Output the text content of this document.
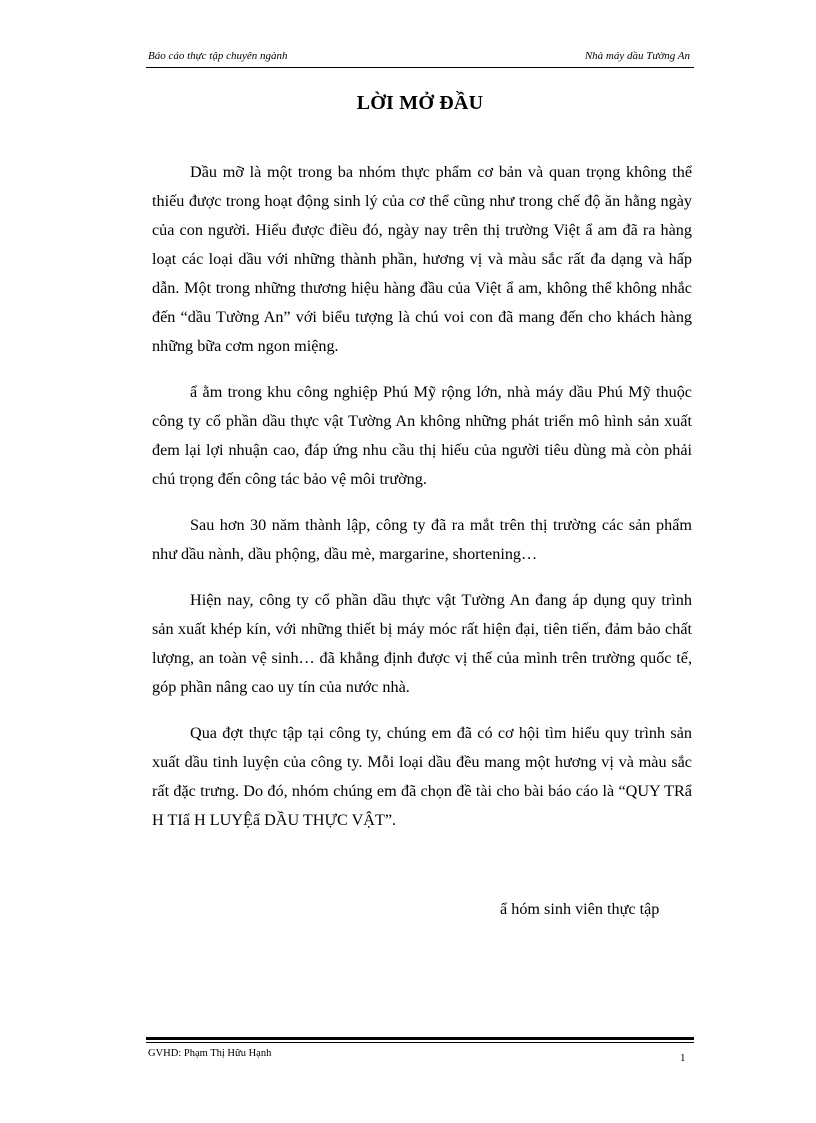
Báo cáo thực tập chuyên ngành	Nhà máy dầu Tường An
LỜI MỞ ĐẦU

Dầu mỡ là một trong ba nhóm thực phẩm cơ bản và quan trọng không thể thiếu được trong hoạt động sinh lý của cơ thể cũng như trong chế độ ăn hằng ngày của con người. Hiểu được điều đó, ngày nay trên thị trường Việt ẩ am đã ra hàng loạt các loại dầu với những thành phần, hương vị và màu sắc rất đa dạng và hấp dẫn. Một trong những thương hiệu hàng đầu của Việt ẩ am, không thể không nhắc đến “dầu Tường An” với biểu tượng là chú voi con đã mang đến cho khách hàng những bữa cơm ngon miệng.

ẩ ằm trong khu công nghiệp Phú Mỹ rộng lớn, nhà máy dầu Phú Mỹ thuộc công ty cổ phần dầu thực vật Tường An không những phát triển mô hình sản xuất đem lại lợi nhuận cao, đáp ứng nhu cầu thị hiếu của người tiêu dùng mà còn phải chú trọng đến công tác bảo vệ môi trường.

Sau hơn 30 năm thành lập, công ty đã ra mắt trên thị trường các sản phẩm như dầu nành, dầu phộng, dầu mè, margarine, shortening…

Hiện nay, công ty cổ phần dầu thực vật Tường An đang áp dụng quy trình sản xuất khép kín, với những thiết bị máy móc rất hiện đại, tiên tiến, đảm bảo chất lượng, an toàn vệ sinh… đã khẳng định được vị thế của mình trên trường quốc tế, góp phần nâng cao uy tín của nước nhà.

Qua đợt thực tập tại công ty, chúng em đã có cơ hội tìm hiểu quy trình sản xuất dầu tinh luyện của công ty. Mỗi loại dầu đều mang một hương vị và màu sắc rất đặc trưng. Do đó, nhóm chúng em đã chọn đề tài cho bài báo cáo là “QUY TRẩ H TIẩ H LUYỆẩ DẦU THỰC VẬT”.

ẩ hóm sinh viên thực tập
GVHD: Phạm Thị Hữu Hạnh	1
